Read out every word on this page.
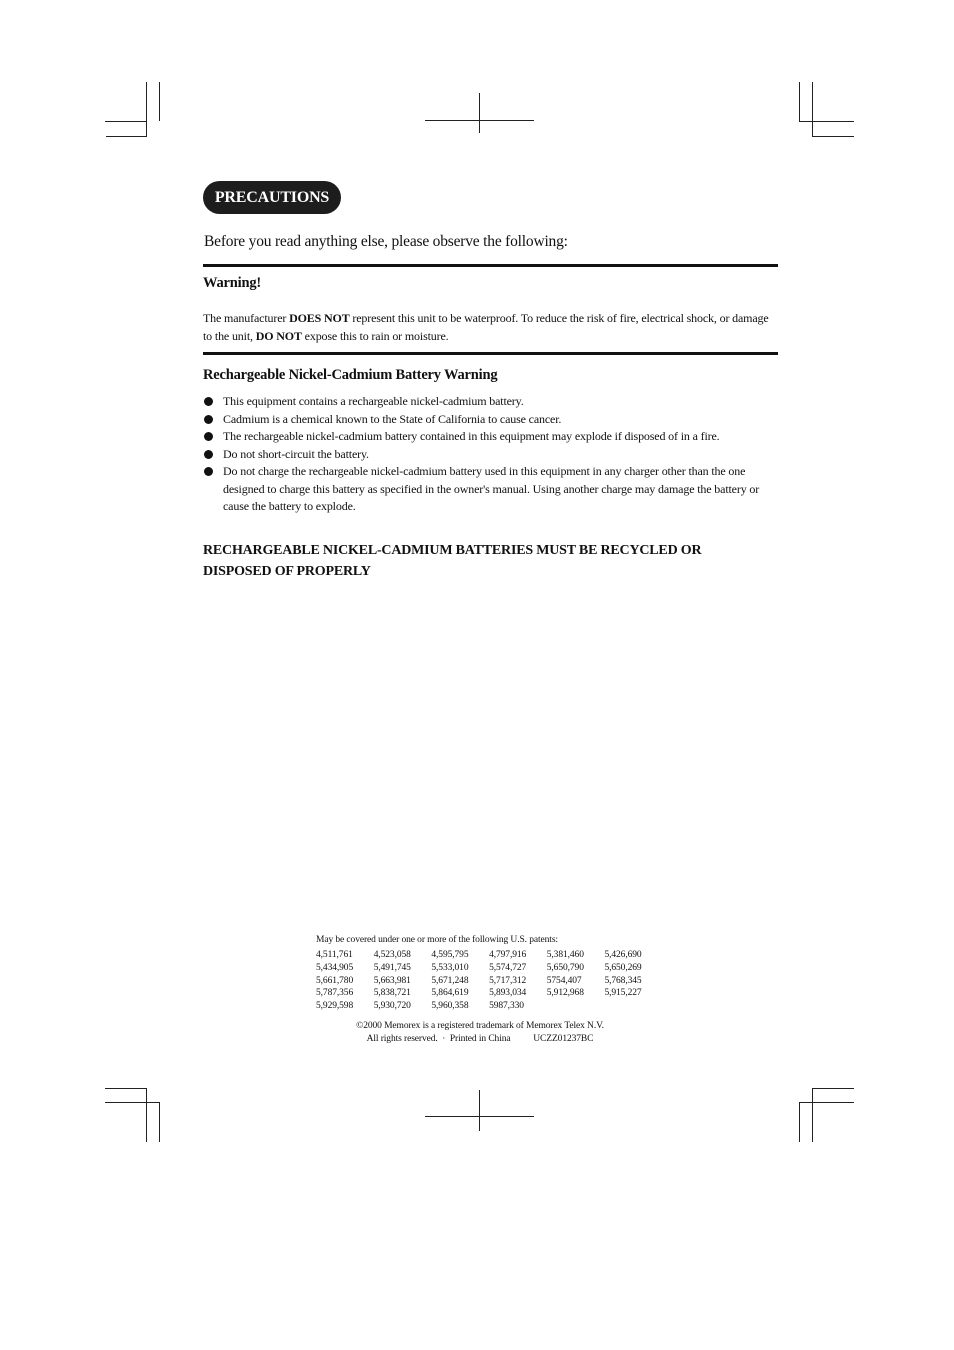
PRECAUTIONS
Before you read anything else, please observe the following:
Warning!

The manufacturer DOES NOT represent this unit to be waterproof. To reduce the risk of fire, electrical shock, or damage to the unit, DO NOT expose this to rain or moisture.

Rechargeable Nickel-Cadmium Battery Warning
This equipment contains a rechargeable nickel-cadmium battery.
Cadmium is a chemical known to the State of California to cause cancer.
The rechargeable nickel-cadmium battery contained in this equipment may explode if disposed of in a fire.
Do not short-circuit the battery.
Do not charge the rechargeable nickel-cadmium battery used in this equipment in any charger other than the one designed to charge this battery as specified in the owner's manual. Using another charge may damage the battery or cause the battery to explode.

RECHARGEABLE NICKEL-CADMIUM BATTERIES MUST BE RECYCLED OR
DISPOSED OF PROPERLY

May be covered under one or more of the following U.S. patents:
4,511,761	4,523,058	4,595,795	4,797,916	5,381,460	5,426,690
5,434,905	5,491,745	5,533,010	5,574,727	5,650,790	5,650,269
5,661,780	5,663,981	5,671,248	5,717,312	5754,407	5,768,345
5,787,356	5,838,721	5,864,619	5,893,034	5,912,968	5,915,227
5,929,598	5,930,720	5,960,358	5987,330		
©2000 Memorex is a registered trademark of Memorex Telex N.V.
All rights reserved.  ·  Printed in China          UCZZ01237BC
